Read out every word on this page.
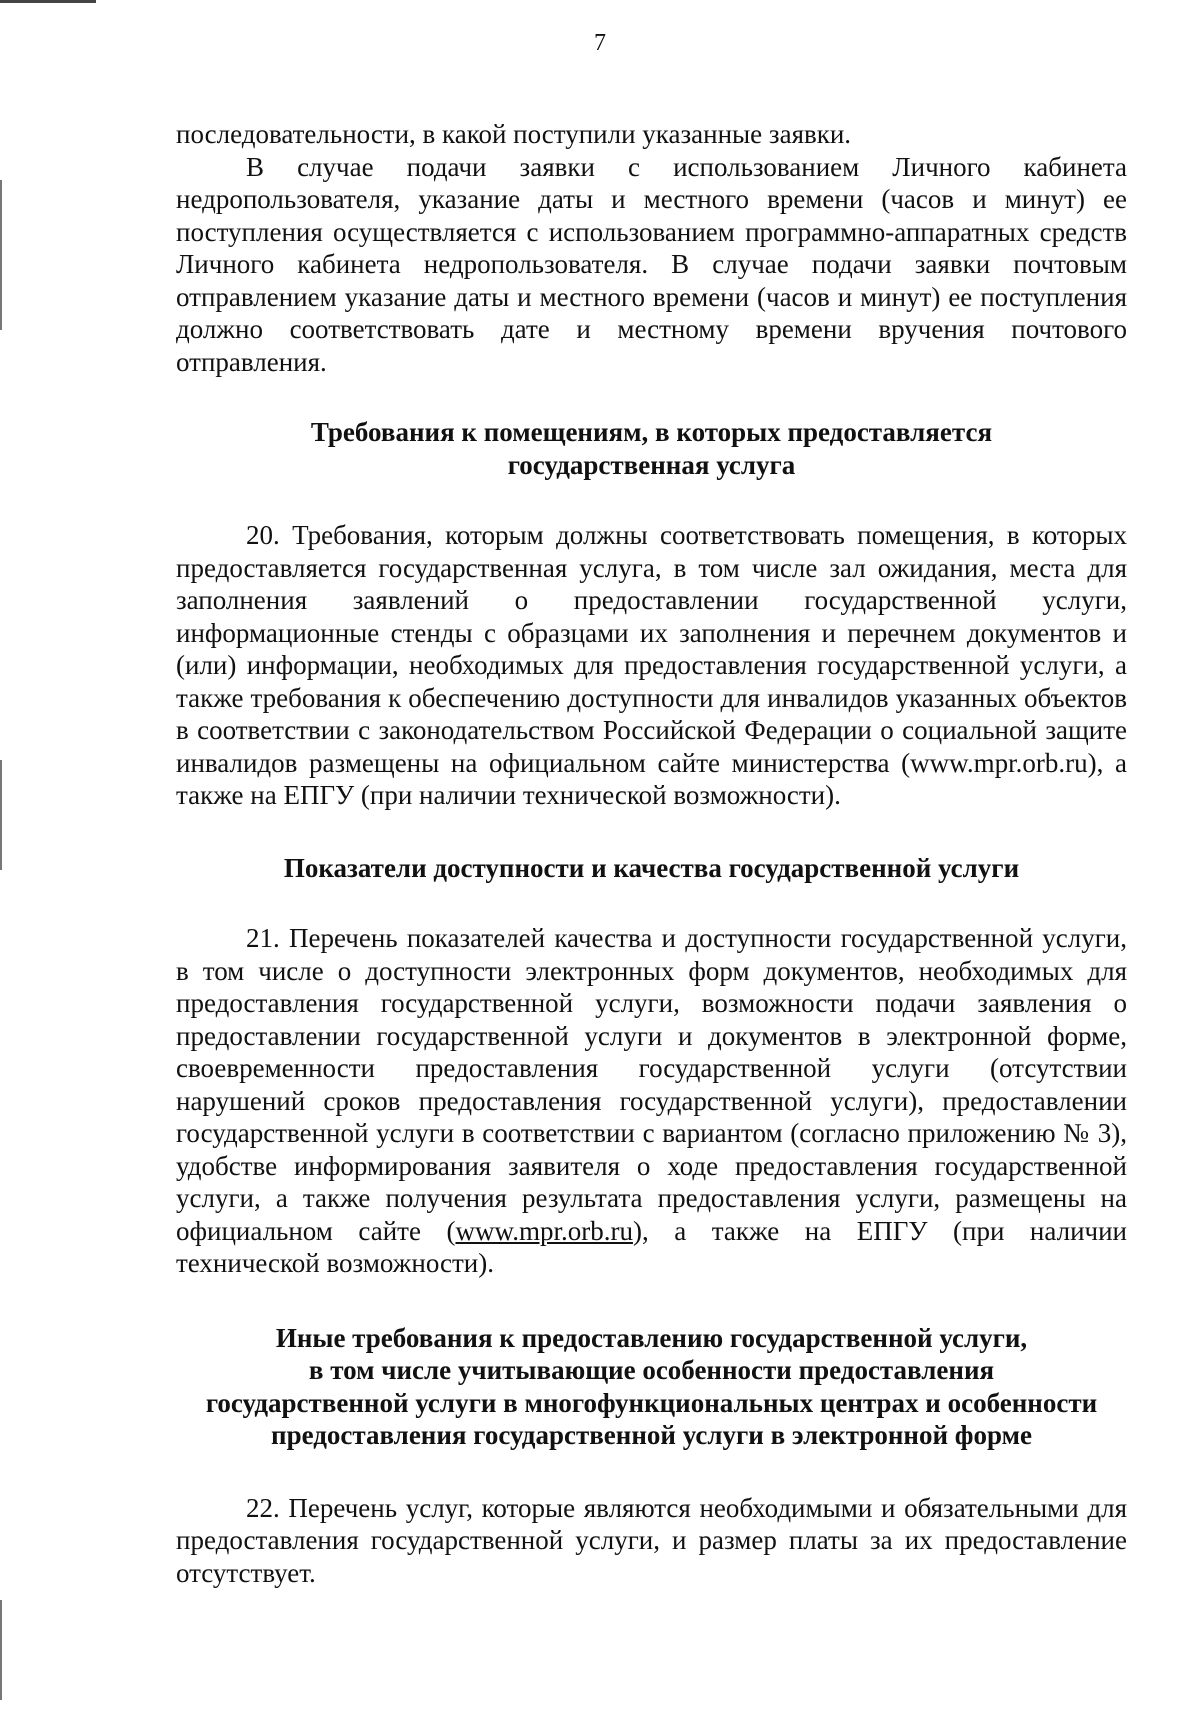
7

последовательности, в какой поступили указанные заявки.

В случае подачи заявки с использованием Личного кабинета недропользователя, указание даты и местного времени (часов и минут) ее поступления осуществляется с использованием программно-аппаратных средств Личного кабинета недропользователя. В случае подачи заявки почтовым отправлением указание даты и местного времени (часов и минут) ее поступления должно соответствовать дате и местному времени вручения почтового отправления.

Требования к помещениям, в которых предоставляется
государственная услуга

20. Требования, которым должны соответствовать помещения, в которых предоставляется государственная услуга, в том числе зал ожидания, места для заполнения заявлений о предоставлении государственной услуги, информационные стенды с образцами их заполнения и перечнем документов и (или) информации, необходимых для предоставления государственной услуги, а также требования к обеспечению доступности для инвалидов указанных объектов в соответствии с законодательством Российской Федерации о социальной защите инвалидов размещены на официальном сайте министерства (www.mpr.orb.ru), а также на ЕПГУ (при наличии технической возможности).

Показатели доступности и качества государственной услуги

21. Перечень показателей качества и доступности государственной услуги, в том числе о доступности электронных форм документов, необходимых для предоставления государственной услуги, возможности подачи заявления о предоставлении государственной услуги и документов в электронной форме, своевременности предоставления государственной услуги (отсутствии нарушений сроков предоставления государственной услуги), предоставлении государственной услуги в соответствии с вариантом (согласно приложению № 3), удобстве информирования заявителя о ходе предоставления государственной услуги, а также получения результата предоставления услуги, размещены на официальном сайте (www.mpr.orb.ru), а также на ЕПГУ (при наличии технической возможности).

Иные требования к предоставлению государственной услуги,
в том числе учитывающие особенности предоставления
государственной услуги в многофункциональных центрах и особенности
предоставления государственной услуги в электронной форме

22. Перечень услуг, которые являются необходимыми и обязательными для предоставления государственной услуги, и размер платы за их предоставление отсутствует.
